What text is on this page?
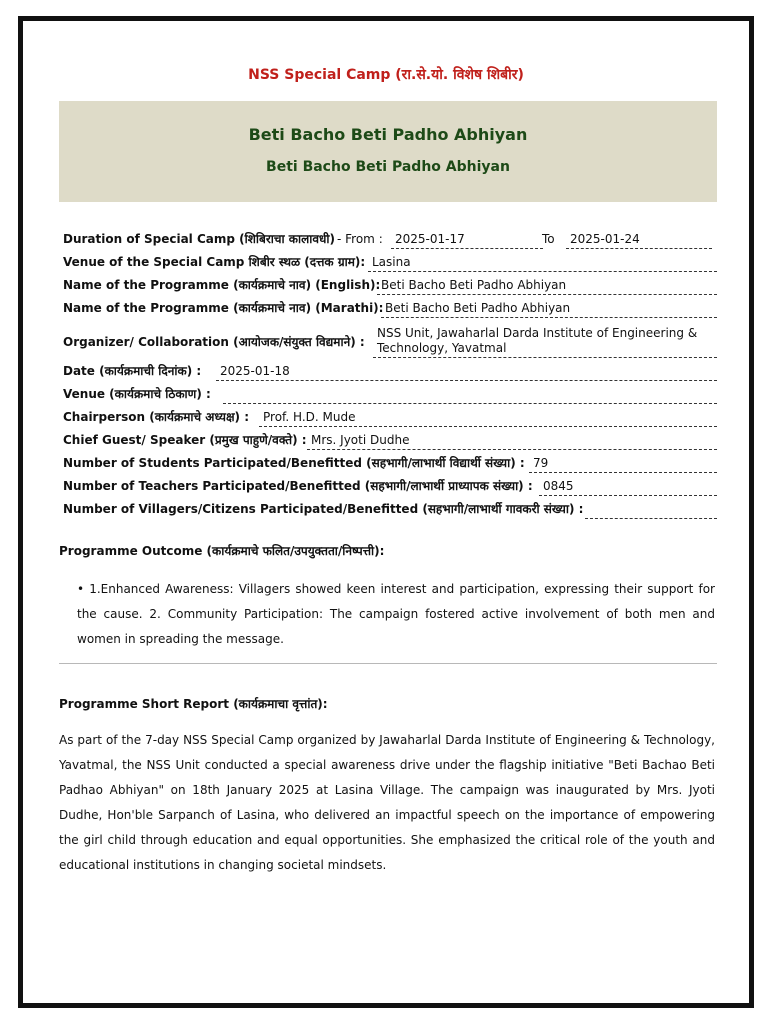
NSS Special Camp (रा.से.यो. विशेष शिबीर)
Beti Bacho Beti Padho Abhiyan
Beti Bacho Beti Padho Abhiyan
Duration of Special Camp (शिबिराचा कालावधी) - From :	2025-01-17	To	2025-01-24
Venue of the Special Camp शिबीर स्थळ (दत्तक ग्राम): Lasina
Name of the Programme (कार्यक्रमाचे नाव) (English): Beti Bacho Beti Padho Abhiyan
Name of the Programme (कार्यक्रमाचे नाव) (Marathi): Beti Bacho Beti Padho Abhiyan
Organizer/ Collaboration (आयोजक/संयुक्त विद्यमाने) :
NSS Unit, Jawaharlal Darda Institute of Engineering & Technology, Yavatmal
Date (कार्यक्रमाची दिनांक) :	2025-01-18
Venue (कार्यक्रमाचे ठिकाण) :
Chairperson (कार्यक्रमाचे अध्यक्ष) :	Prof. H.D. Mude
Chief Guest/ Speaker (प्रमुख पाहुणे/वक्ते) : Mrs. Jyoti Dudhe
Number of Students Participated/Benefitted (सहभागी/लाभार्थी विद्यार्थी संख्या) : 79
Number of Teachers Participated/Benefitted (सहभागी/लाभार्थी प्राध्यापक संख्या) : 0845
Number of Villagers/Citizens Participated/Benefitted (सहभागी/लाभार्थी गावकरी संख्या) :
Programme Outcome (कार्यक्रमाचे फलित/उपयुक्तता/निष्पत्ती):
• 1.Enhanced Awareness: Villagers showed keen interest and participation, expressing their support for the cause. 2. Community Participation: The campaign fostered active involvement of both men and women in spreading the message.
Programme Short Report (कार्यक्रमाचा वृत्तांत):
As part of the 7-day NSS Special Camp organized by Jawaharlal Darda Institute of Engineering & Technology, Yavatmal, the NSS Unit conducted a special awareness drive under the flagship initiative "Beti Bachao Beti Padhao Abhiyan" on 18th January 2025 at Lasina Village. The campaign was inaugurated by Mrs. Jyoti Dudhe, Hon'ble Sarpanch of Lasina, who delivered an impactful speech on the importance of empowering the girl child through education and equal opportunities. She emphasized the critical role of the youth and educational institutions in changing societal mindsets.
